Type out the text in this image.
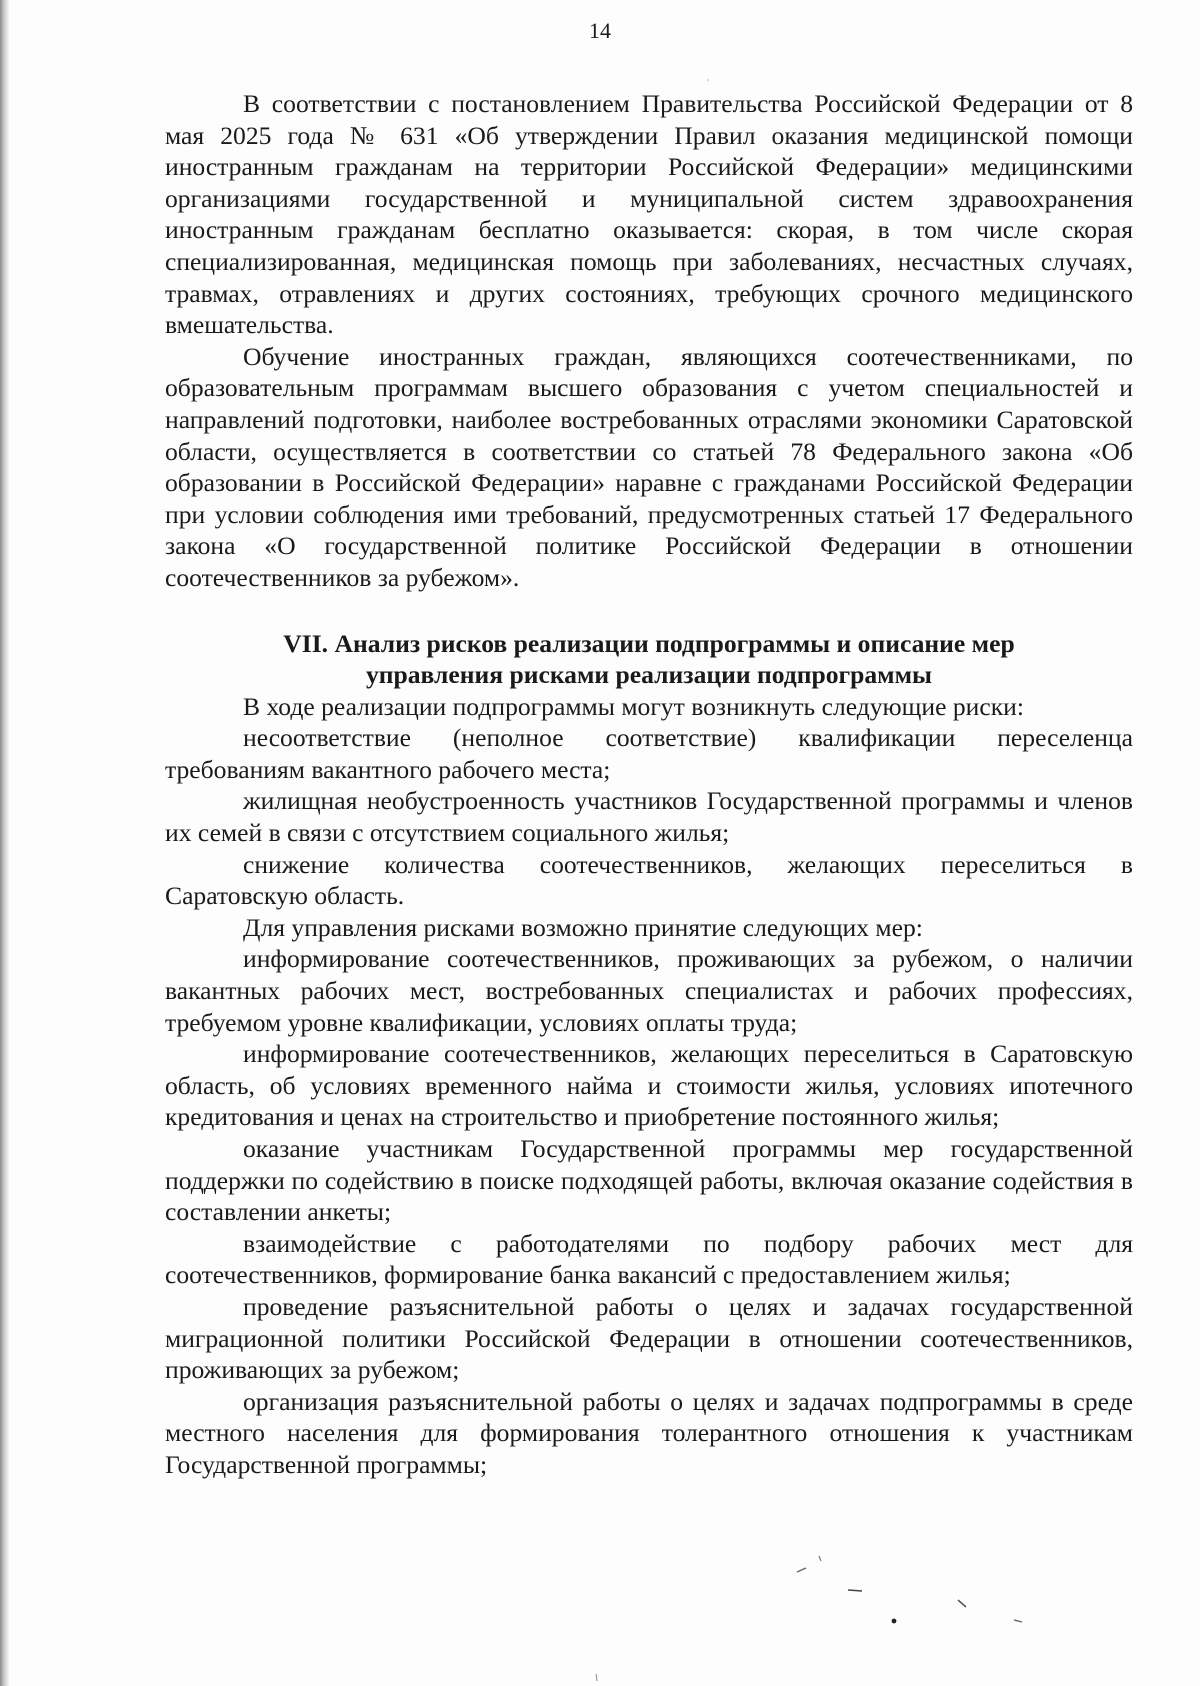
14

В соответствии с постановлением Правительства Российской Федерации от 8 мая 2025 года № 631 «Об утверждении Правил оказания медицинской помощи иностранным гражданам на территории Российской Федерации» медицинскими организациями государственной и муниципальной систем здравоохранения иностранным гражданам бесплатно оказывается: скорая, в том числе скорая специализированная, медицинская помощь при заболеваниях, несчастных случаях, травмах, отравлениях и других состояниях, требующих срочного медицинского вмешательства.

Обучение иностранных граждан, являющихся соотечественниками, по образовательным программам высшего образования с учетом специальностей и направлений подготовки, наиболее востребованных отраслями экономики Саратовской области, осуществляется в соответствии со статьей 78 Федерального закона «Об образовании в Российской Федерации» наравне с гражданами Российской Федерации при условии соблюдения ими требований, предусмотренных статьей 17 Федерального закона «О государственной политике Российской Федерации в отношении соотечественников за рубежом».

VII. Анализ рисков реализации подпрограммы и описание мер
управления рисками реализации подпрограммы

В ходе реализации подпрограммы могут возникнуть следующие риски:

несоответствие (неполное соответствие) квалификации переселенца требованиям вакантного рабочего места;

жилищная необустроенность участников Государственной программы и членов их семей в связи с отсутствием социального жилья;

снижение количества соотечественников, желающих переселиться в Саратовскую область.

Для управления рисками возможно принятие следующих мер:

информирование соотечественников, проживающих за рубежом, о наличии вакантных рабочих мест, востребованных специалистах и рабочих профессиях, требуемом уровне квалификации, условиях оплаты труда;

информирование соотечественников, желающих переселиться в Саратовскую область, об условиях временного найма и стоимости жилья, условиях ипотечного кредитования и ценах на строительство и приобретение постоянного жилья;

оказание участникам Государственной программы мер государственной поддержки по содействию в поиске подходящей работы, включая оказание содействия в составлении анкеты;

взаимодействие с работодателями по подбору рабочих мест для соотечественников, формирование банка вакансий с предоставлением жилья;

проведение разъяснительной работы о целях и задачах государственной миграционной политики Российской Федерации в отношении соотечественников, проживающих за рубежом;

организация разъяснительной работы о целях и задачах подпрограммы в среде местного населения для формирования толерантного отношения к участникам Государственной программы;
